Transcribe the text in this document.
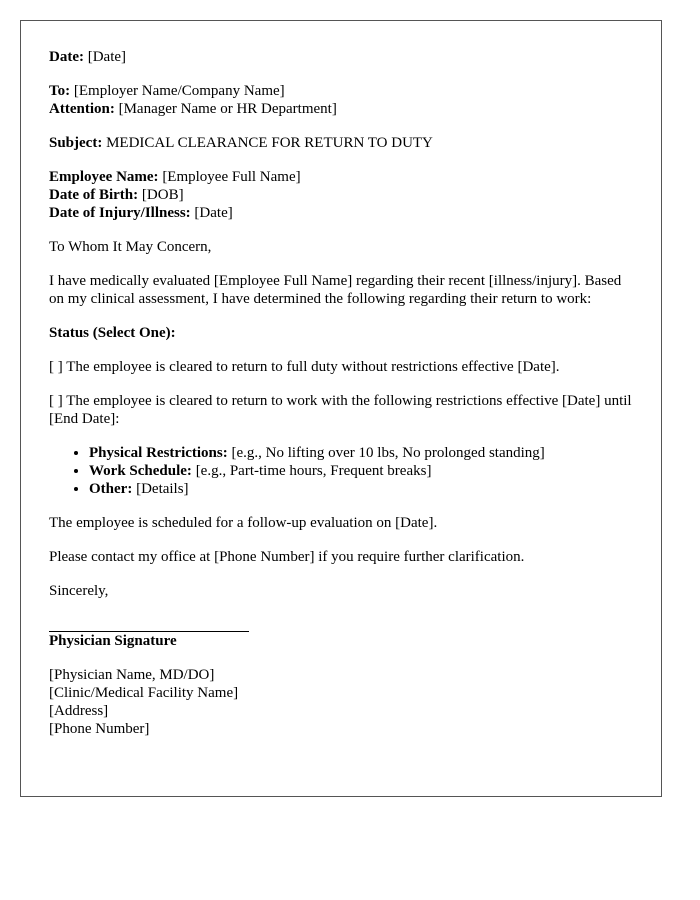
Date: [Date]

To: [Employer Name/Company Name]
Attention: [Manager Name or HR Department]

Subject: MEDICAL CLEARANCE FOR RETURN TO DUTY

Employee Name: [Employee Full Name]
Date of Birth: [DOB]
Date of Injury/Illness: [Date]

To Whom It May Concern,

I have medically evaluated [Employee Full Name] regarding their recent [illness/injury]. Based on my clinical assessment, I have determined the following regarding their return to work:

Status (Select One):

[ ] The employee is cleared to return to full duty without restrictions effective [Date].

[ ] The employee is cleared to return to work with the following restrictions effective [Date] until [End Date]:

• Physical Restrictions: [e.g., No lifting over 10 lbs, No prolonged standing]
• Work Schedule: [e.g., Part-time hours, Frequent breaks]
• Other: [Details]

The employee is scheduled for a follow-up evaluation on [Date].

Please contact my office at [Phone Number] if you require further clarification.

Sincerely,

Physician Signature

[Physician Name, MD/DO]
[Clinic/Medical Facility Name]
[Address]
[Phone Number]
